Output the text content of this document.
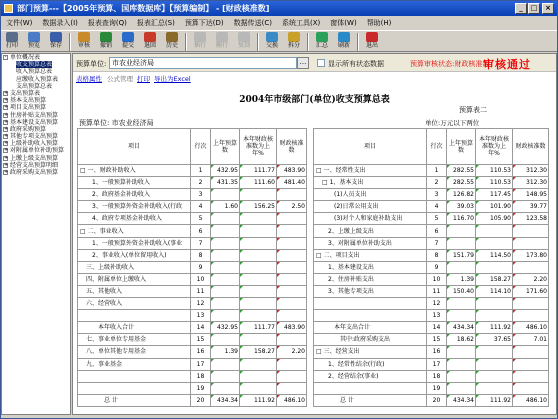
部门预算---【2005年预算、国库数据库】【预算编制】 - [财政核准数]	_	□	×
文件(W) 数据录入(I) 报表查询(Q) 报表汇总(S) 预算下达(D) 数据传送(C) 系统工具(X) 窗体(W) 帮助(H)
打印	预览	保存	审核	撤销	提交	退回	历史	插行	删行	复制	交换	拆分	汇总	刷新	退出
- 单位概况表
收支预算总表
收入预算总表
应缴收入预算表
支出预算总表
+ 支出预算表
+ 基本支出预算
+ 项目支出预算
+ 住房补贴支出预算
+ 基本建设支出预算
+ 政府采购预算
+ 其他专项支出预算
+ 上级补助收入预算
+ 对附属单位补助预算
+ 上缴上级支出预算
+ 经营支出预算明细
+ 政府采购支出预算
预算单位:
市农业经济局	...	显示所有状态数据	预算审核状态:财政核准数
审核通过
表格属性 公式管理 打印 导出为Excel
2004年市级部门(单位)收支预算总表
预算表二
预算单位: 市农业经济局	单位:万元以下两位
项目	行次	上年预算数	本年财政核准数为上年%	财政核准数
□ 一、财政补助收入	1	432.95	111.77	483.90
1、一般预算补助收入	2	431.35	111.60	481.40
2、政府基金补助收入	3			
3、一般预算外资金补助收入(行政	4	1.60	156.25	2.50
4、政府专项基金补助收入	5			
□ 二、事业收入	6			
1、一般预算外资金补助收入(事业	7			
2、事业收入(单位留用收入)	8			
三、上级补助收入	9			
四、附属单位上缴收入	10			
五、其他收入	11			
六、经营收入	12			
	13			
本年收入合计	14	432.95	111.77	483.90
七、事业单位专用基金	15			
八、单位其他专用基金	16	1.39	158.27	2.20
九、事业基金	17			
	18			
	19			
总 计	20	434.34	111.92	486.10
项目	行次	上年预算数	本年财政核准数为上年%	财政核准数
□ 一、经常性支出	1	282.55	110.53	312.30
□ 1、基本支出	2	282.55	110.53	312.30
(1)人员支出	3	126.82	117.45	148.95
(2)日常公用支出	4	39.03	101.90	39.77
(3)对个人和家庭补助支出	5	116.70	105.90	123.58
2、上缴上级支出	6			
3、对附属单位补助支出	7			
□ 二、项目支出	8	151.79	114.50	173.80
1、基本建设支出	9			
2、住房补贴支出	10	1.39	158.27	2.20
3、其他专项支出	11	150.40	114.10	171.60
	12			
	13			
本年支出合计	14	434.34	111.92	486.10
其中:政府采购支出	15	18.62	37.65	7.01
□ 三、经营支出	16			
1、经常性结余(行政)	17			
2、经营结余(事业)	18			
	19			
总 计	20	434.34	111.92	486.10
